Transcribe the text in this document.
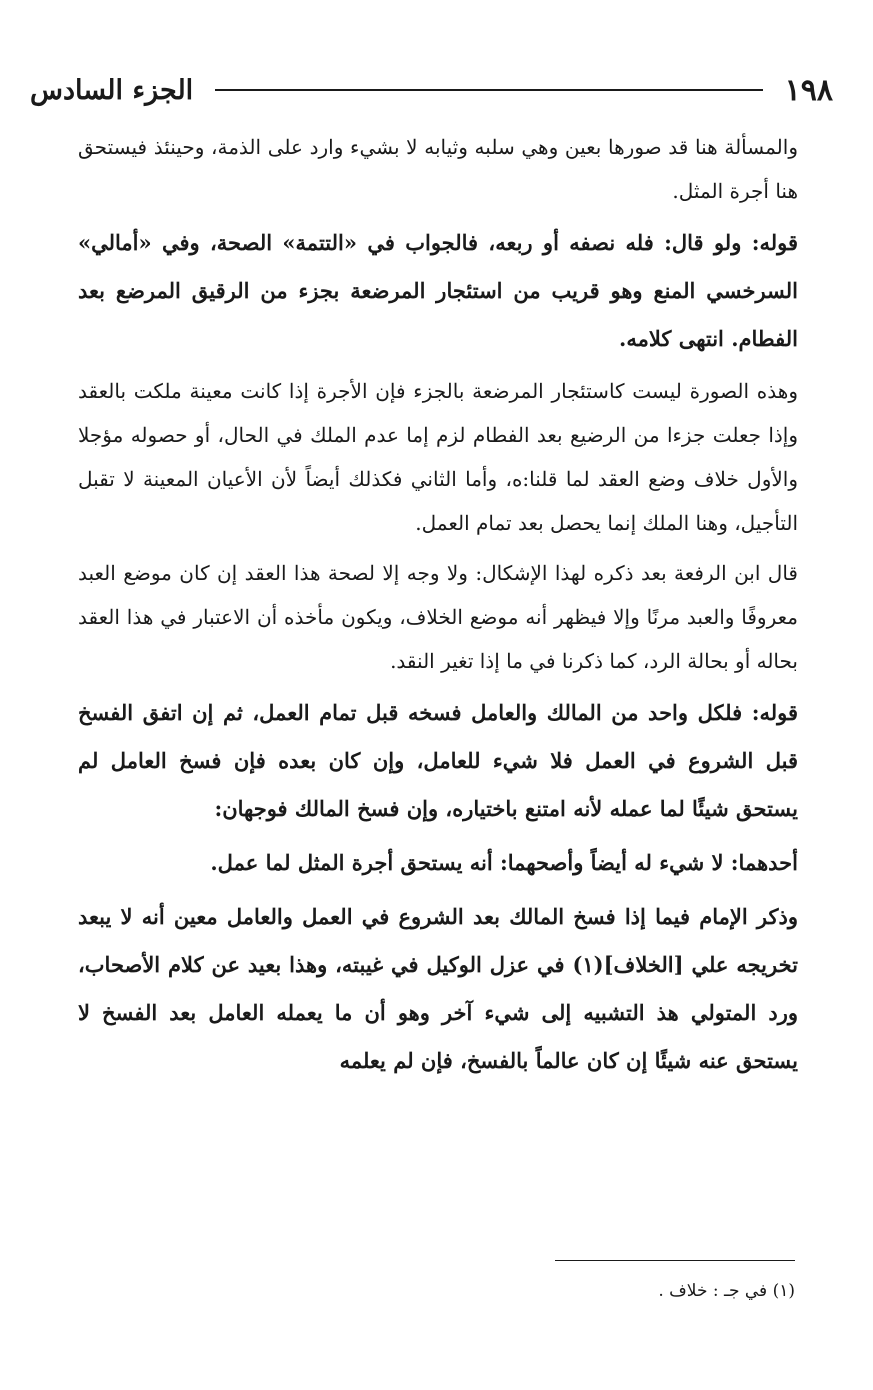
١٩٨
الجزء السادس

والمسألة هنا قد صورها بعين وهي سلبه وثيابه لا بشيء وارد على الذمة، وحينئذ فيستحق هنا أجرة المثل.

قوله: ولو قال: فله نصفه أو ربعه، فالجواب في «التتمة» الصحة، وفي «أمالي» السرخسي المنع وهو قريب من استئجار المرضعة بجزء من الرقيق المرضع بعد الفطام. انتهى كلامه.

وهذه الصورة ليست كاستئجار المرضعة بالجزء فإن الأجرة إذا كانت معينة ملكت بالعقد وإذا جعلت جزءا من الرضيع بعد الفطام لزم إما عدم الملك في الحال، أو حصوله مؤجلا والأول خلاف وضع العقد لما قلنا:ه، وأما الثاني فكذلك أيضاً لأن الأعيان المعينة لا تقبل التأجيل، وهنا الملك إنما يحصل بعد تمام العمل.

قال ابن الرفعة بعد ذكره لهذا الإشكال: ولا وجه إلا لصحة هذا العقد إن كان موضع العبد معروفًا والعبد مرنًا وإلا فيظهر أنه موضع الخلاف، ويكون مأخذه أن الاعتبار في هذا العقد بحاله أو بحالة الرد، كما ذكرنا في ما إذا تغير النقد.

قوله: فلكل واحد من المالك والعامل فسخه قبل تمام العمل، ثم إن اتفق الفسخ قبل الشروع في العمل فلا شيء للعامل، وإن كان بعده فإن فسخ العامل لم يستحق شيئًا لما عمله لأنه امتنع باختياره، وإن فسخ المالك فوجهان:

أحدهما: لا شيء له أيضاً وأصحهما: أنه يستحق أجرة المثل لما عمل.

وذكر الإمام فيما إذا فسخ المالك بعد الشروع في العمل والعامل معين أنه لا يبعد تخريجه علي [الخلاف](١) في عزل الوكيل في غيبته، وهذا بعيد عن كلام الأصحاب، ورد المتولي هذ التشبيه إلى شيء آخر وهو أن ما يعمله العامل بعد الفسخ لا يستحق عنه شيئًا إن كان عالماً بالفسخ، فإن لم يعلمه

(١) في جـ : خلاف .
